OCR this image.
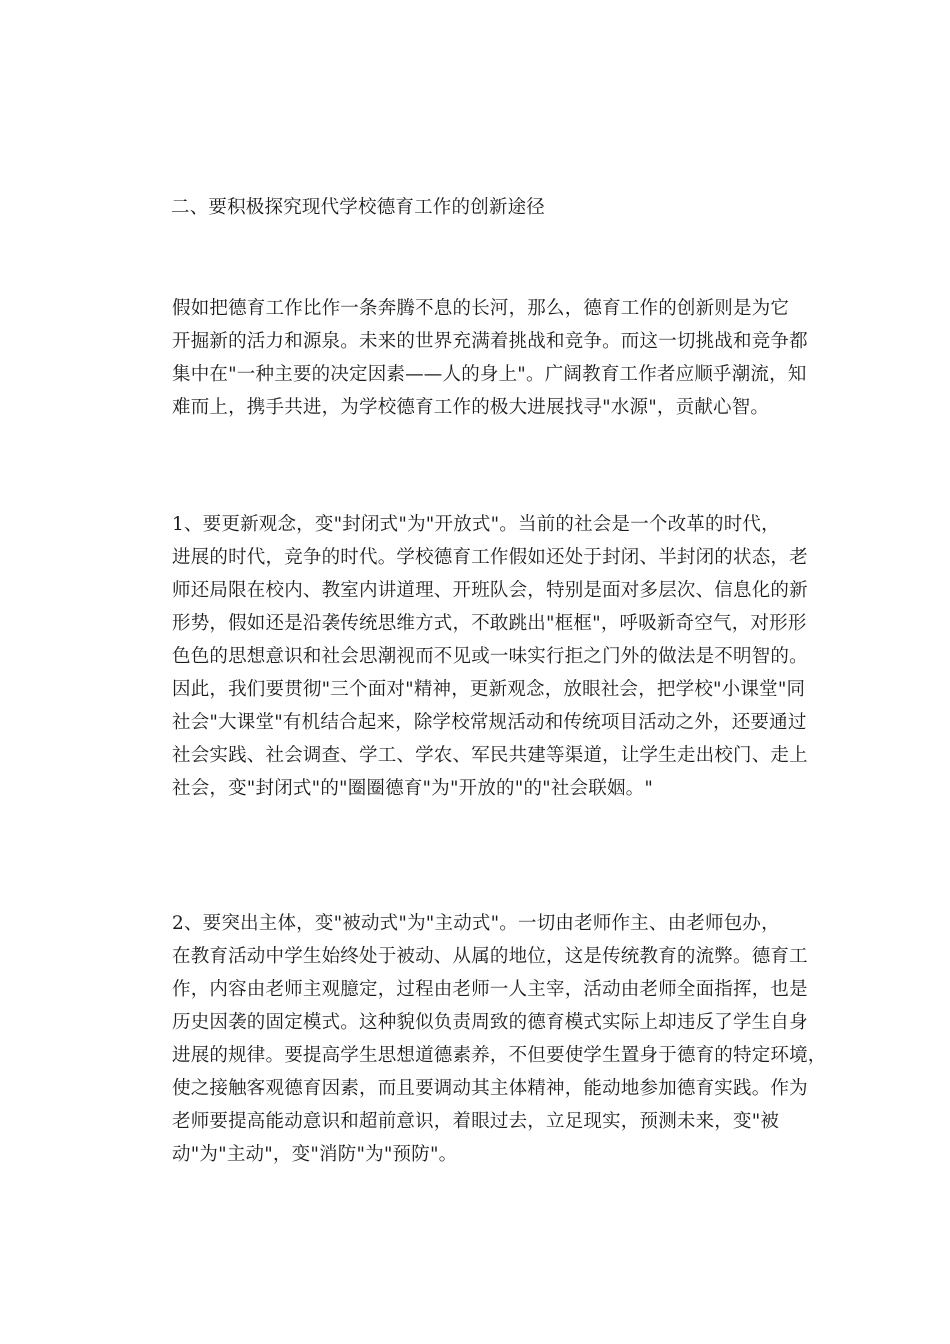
二、要积极探究现代学校德育工作的创新途径
假如把德育工作比作一条奔腾不息的长河，那么，德育工作的创新则是为它
开掘新的活力和源泉。未来的世界充满着挑战和竞争。而这一切挑战和竞争都
集中在"一种主要的决定因素——人的身上"。广阔教育工作者应顺乎潮流，知
难而上，携手共进，为学校德育工作的极大进展找寻"水源"，贡献心智。
1、要更新观念，变"封闭式"为"开放式"。当前的社会是一个改革的时代，
进展的时代，竞争的时代。学校德育工作假如还处于封闭、半封闭的状态，老
师还局限在校内、教室内讲道理、开班队会，特别是面对多层次、信息化的新
形势，假如还是沿袭传统思维方式，不敢跳出"框框"，呼吸新奇空气，对形形
色色的思想意识和社会思潮视而不见或一味实行拒之门外的做法是不明智的。
因此，我们要贯彻"三个面对"精神，更新观念，放眼社会，把学校"小课堂"同
社会"大课堂"有机结合起来，除学校常规活动和传统项目活动之外，还要通过
社会实践、社会调查、学工、学农、军民共建等渠道，让学生走出校门、走上
社会，变"封闭式"的"圈圈德育"为"开放的"的"社会联姻。"
2、要突出主体，变"被动式"为"主动式"。一切由老师作主、由老师包办，
在教育活动中学生始终处于被动、从属的地位，这是传统教育的流弊。德育工
作，内容由老师主观臆定，过程由老师一人主宰，活动由老师全面指挥，也是
历史因袭的固定模式。这种貌似负责周致的德育模式实际上却违反了学生自身
进展的规律。要提高学生思想道德素养，不但要使学生置身于德育的特定环境，
使之接触客观德育因素，而且要调动其主体精神，能动地参加德育实践。作为
老师要提高能动意识和超前意识，着眼过去，立足现实，预测未来，变"被
动"为"主动"，变"消防"为"预防"。
